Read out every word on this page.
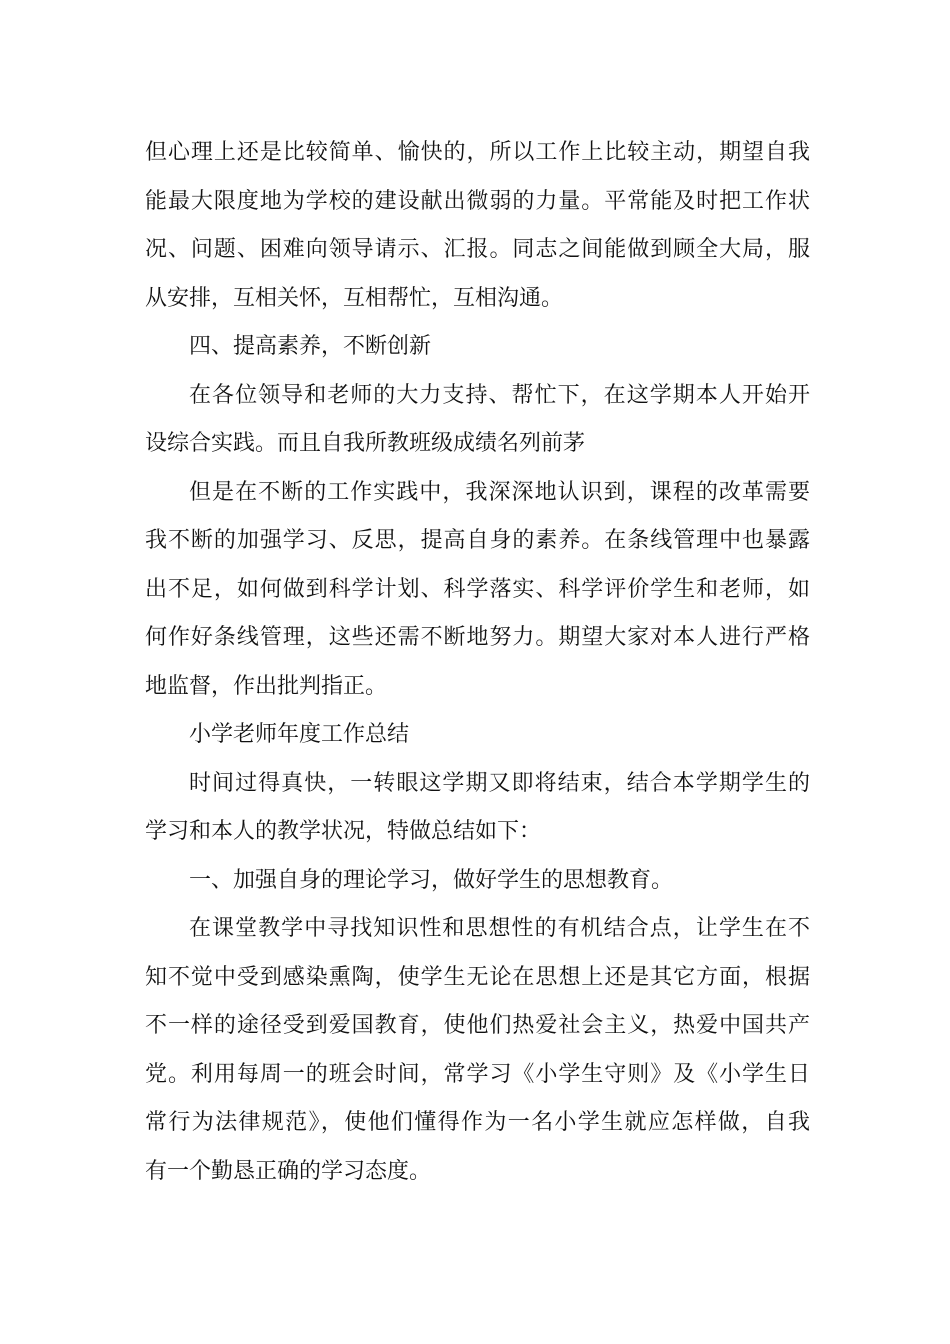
但心理上还是比较简单、愉快的，所以工作上比较主动，期望自我
能最大限度地为学校的建设献出微弱的力量。平常能及时把工作状
况、问题、困难向领导请示、汇报。同志之间能做到顾全大局，服
从安排，互相关怀，互相帮忙，互相沟通。
四、提高素养，不断创新
在各位领导和老师的大力支持、帮忙下，在这学期本人开始开
设综合实践。而且自我所教班级成绩名列前茅
但是在不断的工作实践中，我深深地认识到，课程的改革需要
我不断的加强学习、反思，提高自身的素养。在条线管理中也暴露
出不足，如何做到科学计划、科学落实、科学评价学生和老师，如
何作好条线管理，这些还需不断地努力。期望大家对本人进行严格
地监督，作出批判指正。
小学老师年度工作总结
时间过得真快，一转眼这学期又即将结束，结合本学期学生的
学习和本人的教学状况，特做总结如下：
一、加强自身的理论学习，做好学生的思想教育。
在课堂教学中寻找知识性和思想性的有机结合点，让学生在不
知不觉中受到感染熏陶，使学生无论在思想上还是其它方面，根据
不一样的途径受到爱国教育，使他们热爱社会主义，热爱中国共产
党。利用每周一的班会时间，常学习《小学生守则》及《小学生日
常行为法律规范》，使他们懂得作为一名小学生就应怎样做，自我
有一个勤恳正确的学习态度。
